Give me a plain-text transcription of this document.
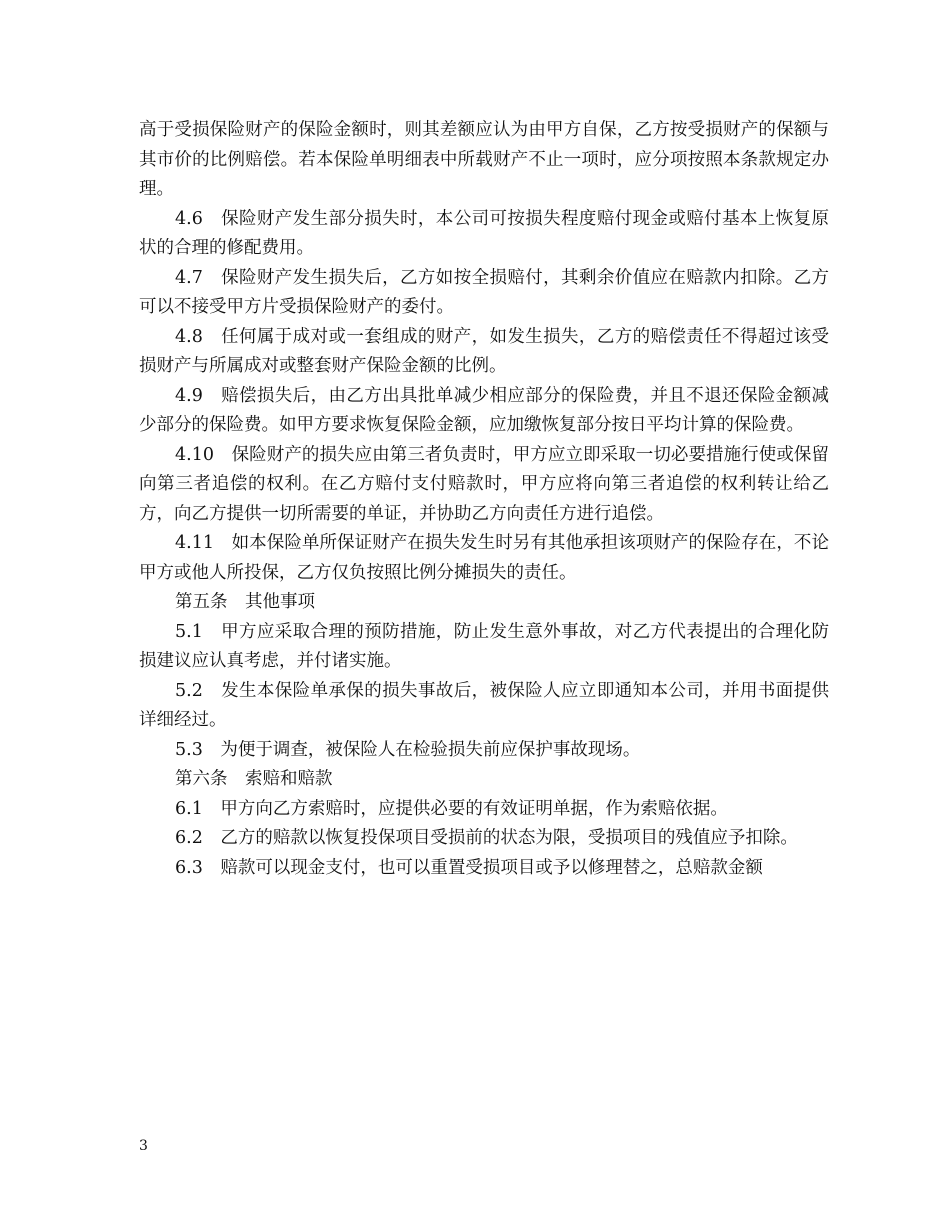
高于受损保险财产的保险金额时，则其差额应认为由甲方自保，乙方按受损财产的保额与其市价的比例赔偿。若本保险单明细表中所载财产不止一项时，应分项按照本条款规定办理。

4.6　保险财产发生部分损失时，本公司可按损失程度赔付现金或赔付基本上恢复原状的合理的修配费用。

4.7　保险财产发生损失后，乙方如按全损赔付，其剩余价值应在赔款内扣除。乙方可以不接受甲方片受损保险财产的委付。

4.8　任何属于成对或一套组成的财产，如发生损失，乙方的赔偿责任不得超过该受损财产与所属成对或整套财产保险金额的比例。

4.9　赔偿损失后，由乙方出具批单减少相应部分的保险费，并且不退还保险金额减少部分的保险费。如甲方要求恢复保险金额，应加缴恢复部分按日平均计算的保险费。

4.10　保险财产的损失应由第三者负责时，甲方应立即采取一切必要措施行使或保留向第三者追偿的权利。在乙方赔付支付赔款时，甲方应将向第三者追偿的权利转让给乙方，向乙方提供一切所需要的单证，并协助乙方向责任方进行追偿。

4.11　如本保险单所保证财产在损失发生时另有其他承担该项财产的保险存在，不论甲方或他人所投保，乙方仅负按照比例分摊损失的责任。

第五条　其他事项

5.1　甲方应采取合理的预防措施，防止发生意外事故，对乙方代表提出的合理化防损建议应认真考虑，并付诸实施。

5.2　发生本保险单承保的损失事故后，被保险人应立即通知本公司，并用书面提供详细经过。

5.3　为便于调查，被保险人在检验损失前应保护事故现场。

第六条　索赔和赔款

6.1　甲方向乙方索赔时，应提供必要的有效证明单据，作为索赔依据。

6.2　乙方的赔款以恢复投保项目受损前的状态为限，受损项目的残值应予扣除。

6.3　赔款可以现金支付，也可以重置受损项目或予以修理替之，总赔款金额

3
